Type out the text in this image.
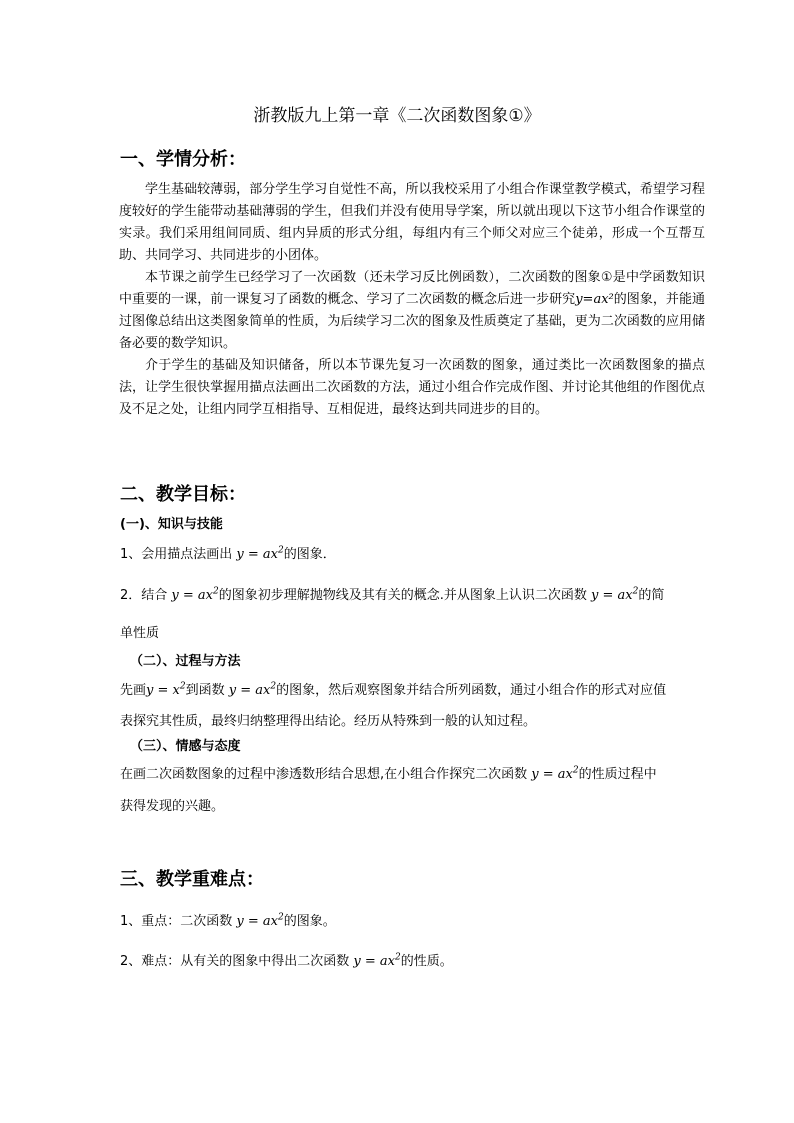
浙教版九上第一章《二次函数图象①》
一、学情分析：

学生基础较薄弱，部分学生学习自觉性不高，所以我校采用了小组合作课堂教学模式，希望学习程度较好的学生能带动基础薄弱的学生，但我们并没有使用导学案，所以就出现以下这节小组合作课堂的实录。我们采用组间同质、组内异质的形式分组，每组内有三个师父对应三个徒弟，形成一个互帮互助、共同学习、共同进步的小团体。

本节课之前学生已经学习了一次函数（还未学习反比例函数），二次函数的图象①是中学函数知识中重要的一课，前一课复习了函数的概念、学习了二次函数的概念后进一步研究y=ax²的图象，并能通过图像总结出这类图象简单的性质，为后续学习二次的图象及性质奠定了基础，更为二次函数的应用储备必要的数学知识。

介于学生的基础及知识储备，所以本节课先复习一次函数的图象，通过类比一次函数图象的描点法，让学生很快掌握用描点法画出二次函数的方法，通过小组合作完成作图、并讨论其他组的作图优点及不足之处，让组内同学互相指导、互相促进，最终达到共同进步的目的。

二、教学目标：
(一)、知识与技能
1、会用描点法画出 $y = ax^2$的图象．
2．结合 $y = ax^2$的图象初步理解抛物线及其有关的概念.并从图象上认识二次函数 $y = ax^2$的简
单性质
（二）、过程与方法
先画$y = x^2$到函数 $y = ax^2$的图象，然后观察图象并结合所列函数，通过小组合作的形式对应值
表探究其性质，最终归纳整理得出结论。经历从特殊到一般的认知过程。
（三）、情感与态度
在画二次函数图象的过程中渗透数形结合思想,在小组合作探究二次函数 $y = ax^2$的性质过程中
获得发现的兴趣。
三、教学重难点：
1、重点：二次函数 $y = ax^2$的图象。
2、难点：从有关的图象中得出二次函数 $y = ax^2$的性质。
